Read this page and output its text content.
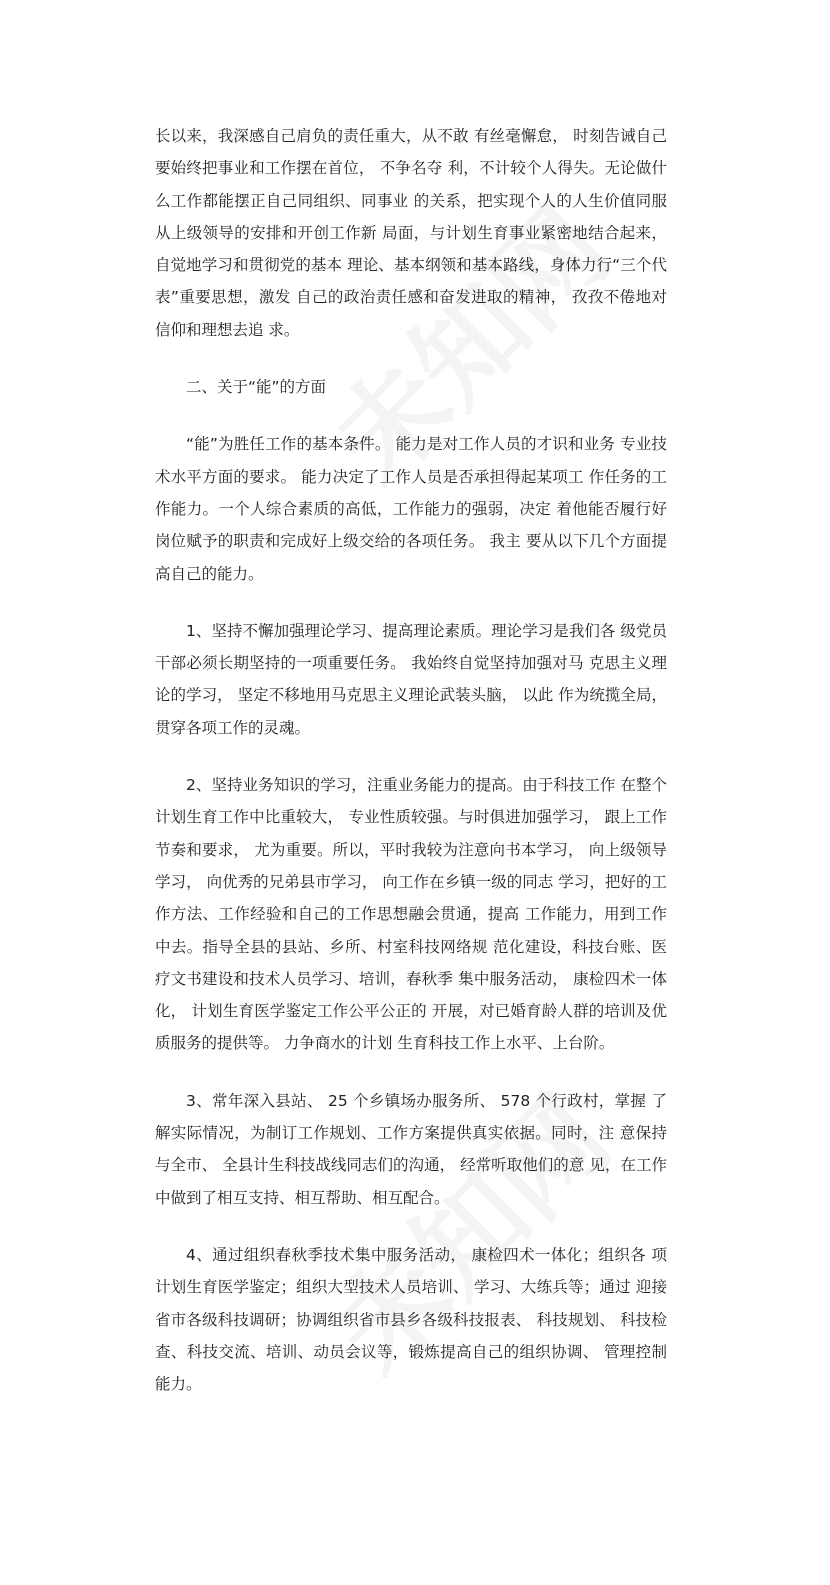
长以来，我深感自己肩负的责任重大，从不敢 有丝毫懈怠， 时刻告诫自己要始终把事业和工作摆在首位， 不争名夺 利，不计较个人得失。无论做什么工作都能摆正自己同组织、同事业 的关系，把实现个人的人生价值同服从上级领导的安排和开创工作新 局面，与计划生育事业紧密地结合起来，自觉地学习和贯彻党的基本 理论、基本纲领和基本路线，身体力行“三个代表”重要思想，激发 自己的政治责任感和奋发进取的精神， 孜孜不倦地对信仰和理想去追 求。

二、关于“能”的方面

“能”为胜任工作的基本条件。 能力是对工作人员的才识和业务 专业技术水平方面的要求。 能力决定了工作人员是否承担得起某项工 作任务的工作能力。一个人综合素质的高低，工作能力的强弱，决定 着他能否履行好岗位赋予的职责和完成好上级交给的各项任务。 我主 要从以下几个方面提高自己的能力。

1、坚持不懈加强理论学习、提高理论素质。理论学习是我们各 级党员干部必须长期坚持的一项重要任务。 我始终自觉坚持加强对马 克思主义理论的学习， 坚定不移地用马克思主义理论武装头脑， 以此 作为统揽全局，贯穿各项工作的灵魂。

2、坚持业务知识的学习，注重业务能力的提高。由于科技工作 在整个计划生育工作中比重较大， 专业性质较强。与时俱进加强学习， 跟上工作节奏和要求， 尤为重要。所以，平时我较为注意向书本学习， 向上级领导学习， 向优秀的兄弟县市学习， 向工作在乡镇一级的同志 学习，把好的工作方法、工作经验和自己的工作思想融会贯通，提高 工作能力，用到工作中去。指导全县的县站、乡所、村室科技网络规 范化建设，科技台账、医疗文书建设和技术人员学习、培训，春秋季 集中服务活动， 康检四术一体化， 计划生育医学鉴定工作公平公正的 开展，对已婚育龄人群的培训及优质服务的提供等。 力争商水的计划 生育科技工作上水平、上台阶。

3、常年深入县站、 25 个乡镇场办服务所、 578 个行政村，掌握 了解实际情况，为制订工作规划、工作方案提供真实依据。同时，注 意保持与全市、 全县计生科技战线同志们的沟通， 经常听取他们的意 见，在工作中做到了相互支持、相互帮助、相互配合。

4、通过组织春秋季技术集中服务活动， 康检四术一体化；组织各 项计划生育医学鉴定；组织大型技术人员培训、 学习、大练兵等；通过 迎接省市各级科技调研；协调组织省市县乡各级科技报表、 科技规划、 科技检查、科技交流、培训、动员会议等，锻炼提高自己的组织协调、 管理控制能力。
